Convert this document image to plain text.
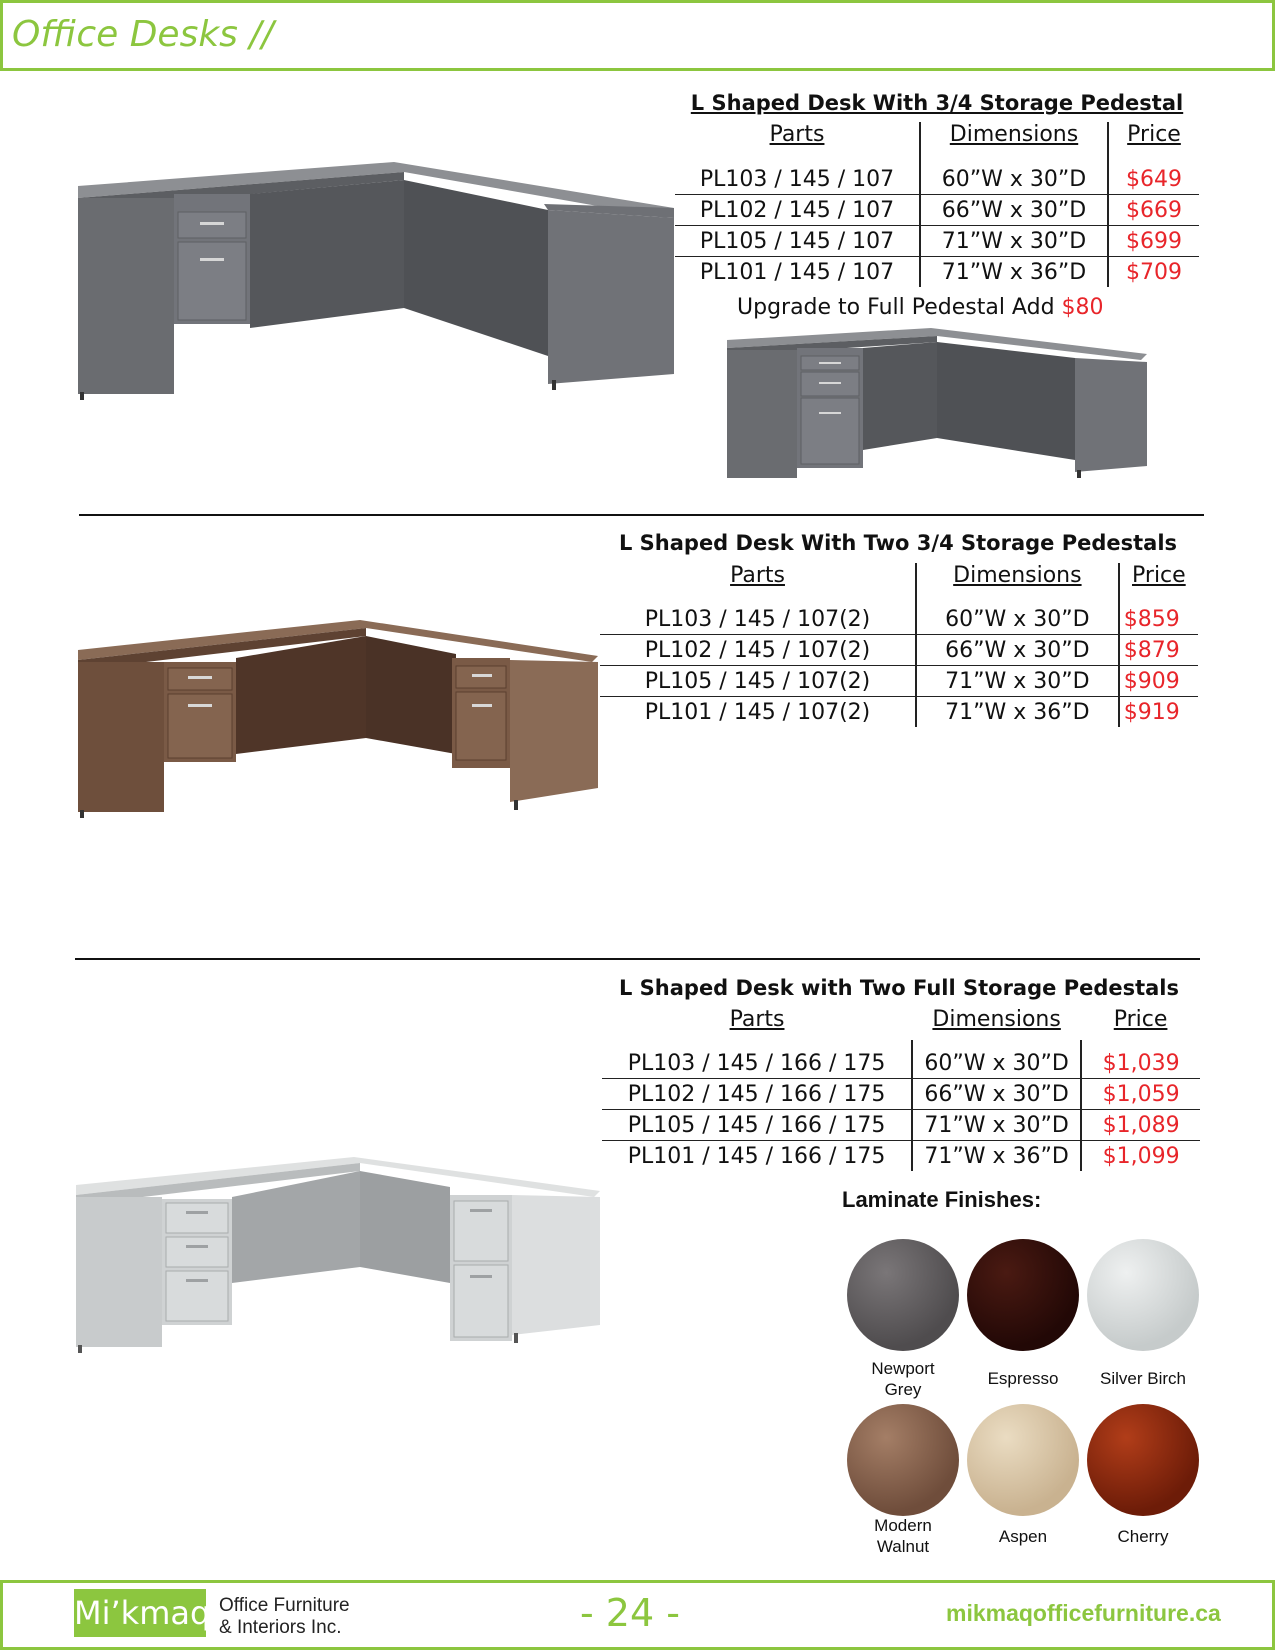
Office Desks //
L Shaped Desk With 3/4 Storage Pedestal
Parts	Dimensions	Price

PL103 / 145 / 107	60”W x 30”D	$649
PL102 / 145 / 107	66”W x 30”D	$669
PL105 / 145 / 107	71”W x 30”D	$699
PL101 / 145 / 107	71”W x 36”D	$709
Upgrade to Full Pedestal Add $80
L Shaped Desk With Two 3/4 Storage Pedestals
Parts	Dimensions	Price

PL103 / 145 / 107(2)	60”W x 30”D	$859
PL102 / 145 / 107(2)	66”W x 30”D	$879
PL105 / 145 / 107(2)	71”W x 30”D	$909
PL101 / 145 / 107(2)	71”W x 36”D	$919
L Shaped Desk with Two Full Storage Pedestals
Parts	Dimensions	Price

PL103 / 145 / 166 / 175	60”W x 30”D	$1,039
PL102 / 145 / 166 / 175	66”W x 30”D	$1,059
PL105 / 145 / 166 / 175	71”W x 30”D	$1,089
PL101 / 145 / 166 / 175	71”W x 36”D	$1,099
Laminate Finishes:
Newport
Grey
Espresso	Silver Birch
Modern
Walnut
Aspen	Cherry
Mi’kmaq Office Furniture
& Interiors Inc.	- 24 -	mikmaqofficefurniture.ca
